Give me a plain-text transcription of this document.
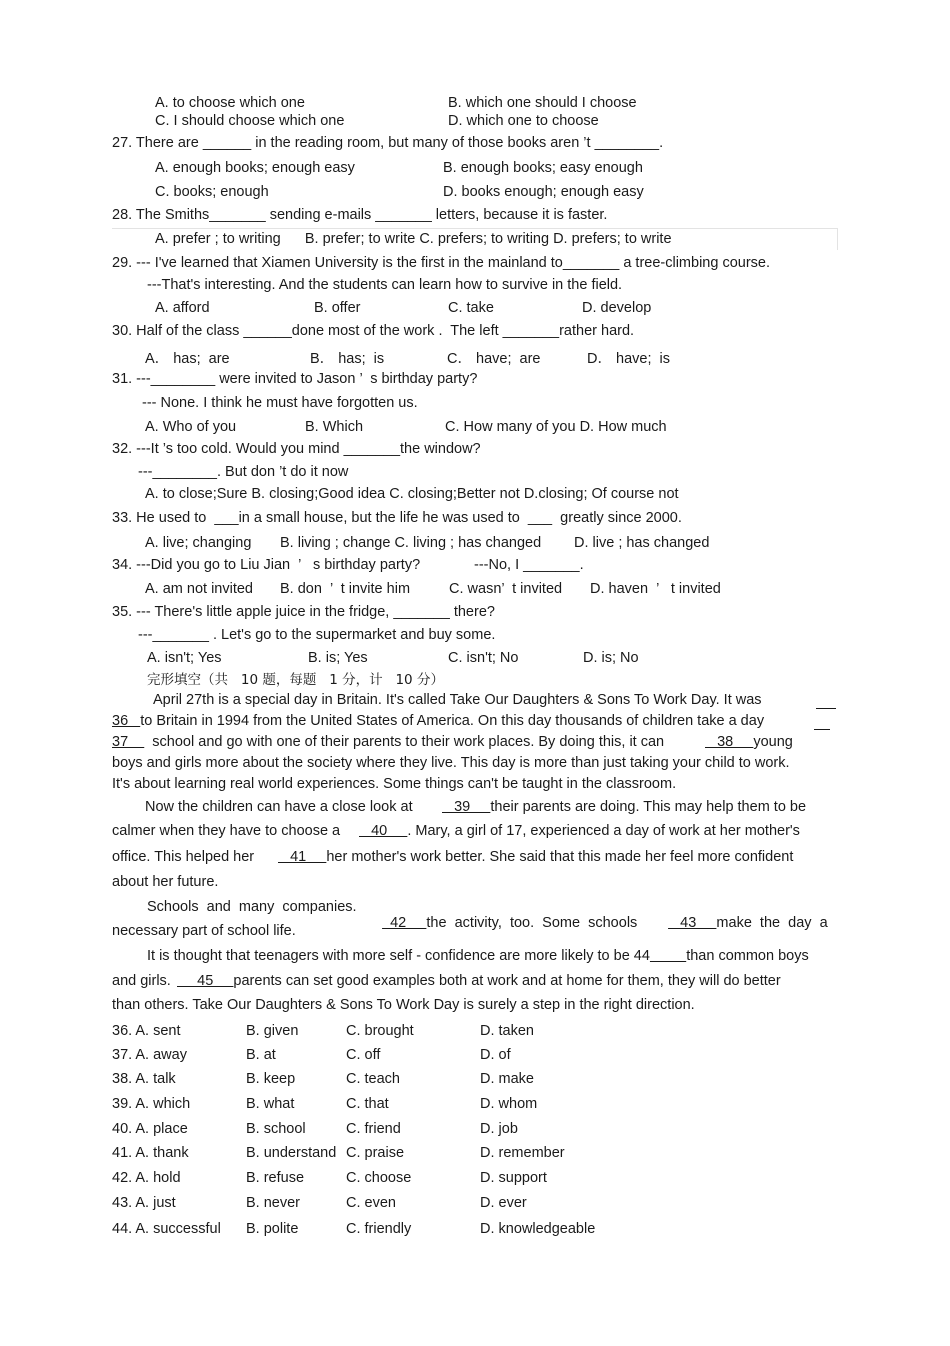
A. to choose which one	B. which one should I choose
C. I should choose which one	D. which one to choose
27. There are ______ in the reading room, but many of those books aren ’t ________.
A. enough books; enough easy	B. enough books; easy enough
C. books; enough	D. books enough; enough easy
28. The Smiths_______ sending e-mails _______ letters, because it is faster.
A. prefer ; to writing      B. prefer; to write C. prefers; to writing D. prefers; to write
29. --- I've learned that Xiamen University is the first in the mainland to_______ a tree-climbing course.
---That's interesting. And the students can learn how to survive in the field.
A. afford	B. offer	C. take	D. develop
30. Half of the class ______done most of the work .  The left _______rather hard.
A． has;  are	B． has;  is	C． have;  are	D． have;  is
31. ---________ were invited to Jason ’  s birthday party?
--- None. I think he must have forgotten us.
A. Who of you	B. Which	C. How many of you D. How much
32. ---It ’s too cold. Would you mind _______the window?
---________. But don ’t do it now
A. to close;Sure B. closing;Good idea C. closing;Better not D.closing; Of course not
33. He used to  ___in a small house, but the life he was used to  ___  greatly since 2000.
A. live; changing B. living ; change C. living ; has changed D. live ; has changed
34. ---Did you go to Liu Jian  ’   s birthday party?	---No, I _______.
A. am not invited B. don  ’  t invite him	C. wasn’  t invited D. haven  ’   t invited
35. --- There's little apple juice in the fridge, _______ there?
---_______ . Let's go to the supermarket and buy some.
A. isn't; Yes	B. is; Yes	C. isn't; No	D. is; No
完形填空（共   10 题，每题   1 分，计   10 分）
April 27th is a special day in Britain. It's called Take Our Daughters & Sons To Work Day. It was
36   to Britain in 1994 from the United States of America. On this day thousands of children take a day
37      school and go with one of their parents to their work places. By doing this, it can	38     young
boys and girls more about the society where they live. This day is more than just taking your child to work.
It's about learning real world experiences. Some things can't be taught in the classroom.
Now the children can have a close look at 39     their parents are doing. This may help them to be
calmer when they have to choose a 40     . Mary, a girl of 17, experienced a day of work at her mother's
office. This helped her 41     her mother's work better. She said that this made her feel more confident
about her future.
Schools  and  many  companies.

42     the  activity,  too.  Some  schools	43     make  the  day  a

necessary part of school life.
It is thought that teenagers with more self - confidence are more likely to be 44	than common boys
and girls. 45     parents can set good examples both at work and at home for them, they will do better
than others. Take Our Daughters & Sons To Work Day is surely a step in the right direction.
36. A. sent	B. given	C. brought	D. taken
37. A. away	B. at	C. off	D. of
38. A. talk	B. keep	C. teach	D. make
39. A. which	B. what	C. that	D. whom
40. A. place	B. school	C. friend	D. job
41. A. thank	B. understand C. praise	D. remember
42. A. hold	B. refuse	C. choose	D. support
43. A. just	B. never	C. even	D. ever
44. A. successful B. polite	C. friendly	D. knowledgeable
